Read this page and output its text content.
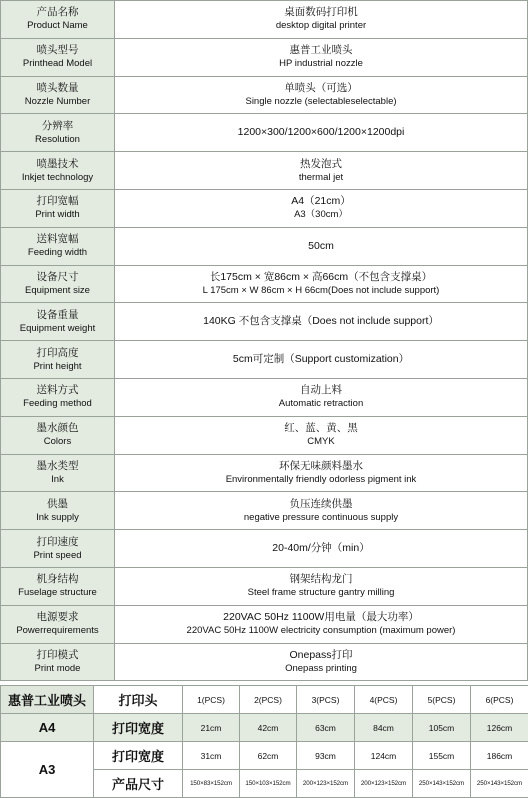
产品名称
Product Name	桌面数码打印机
desktop digital printer

喷头型号
Printhead Model	惠普工业喷头
HP industrial nozzle

喷头数量
Nozzle Number	单喷头（可选）
Single nozzle (selectableselectable)

分辨率
Resolution	1200×300/1200×600/1200×1200dpi

喷墨技术
Inkjet technology	热发泡式
thermal jet

打印宽幅
Print width	A4（21cm）
A3（30cm）

送料宽幅
Feeding width	50cm

设备尺寸
Equipment size	长175cm × 宽86cm × 高66cm（不包含支撑桌）
L 175cm × W 86cm × H 66cm(Does not include support)

设备重量
Equipment weight	140KG 不包含支撑桌（Does not include support）

打印高度
Print height	5cm可定制（Support customization）

送料方式
Feeding method	自动上料
Automatic retraction

墨水颜色
Colors	红、蓝、黄、黑
CMYK

墨水类型
Ink	环保无味颜料墨水
Environmentally friendly odorless pigment ink

供墨
Ink supply	负压连续供墨
negative pressure continuous supply

打印速度
Print speed	20-40m/分钟（min）

机身结构
Fuselage structure	钢架结构龙门
Steel frame structure gantry milling

电源要求
Powerrequirements	220VAC 50Hz 1100W用电量（最大功率）
220VAC 50Hz 1100W electricity consumption (maximum power)

打印模式
Print mode	Onepass打印
Onepass printing
惠普工业喷头	打印头	1(PCS)	2(PCS)	3(PCS)	4(PCS)	5(PCS)	6(PCS)
A4	打印宽度	21cm	42cm	63cm	84cm	105cm	126cm
A3	打印宽度	31cm	62cm	93cm	124cm	155cm	186cm
	产品尺寸	150×83×152cm	150×103×152cm	200×123×152cm	200×123×152cm	250×143×152cm	250×143×152cm
